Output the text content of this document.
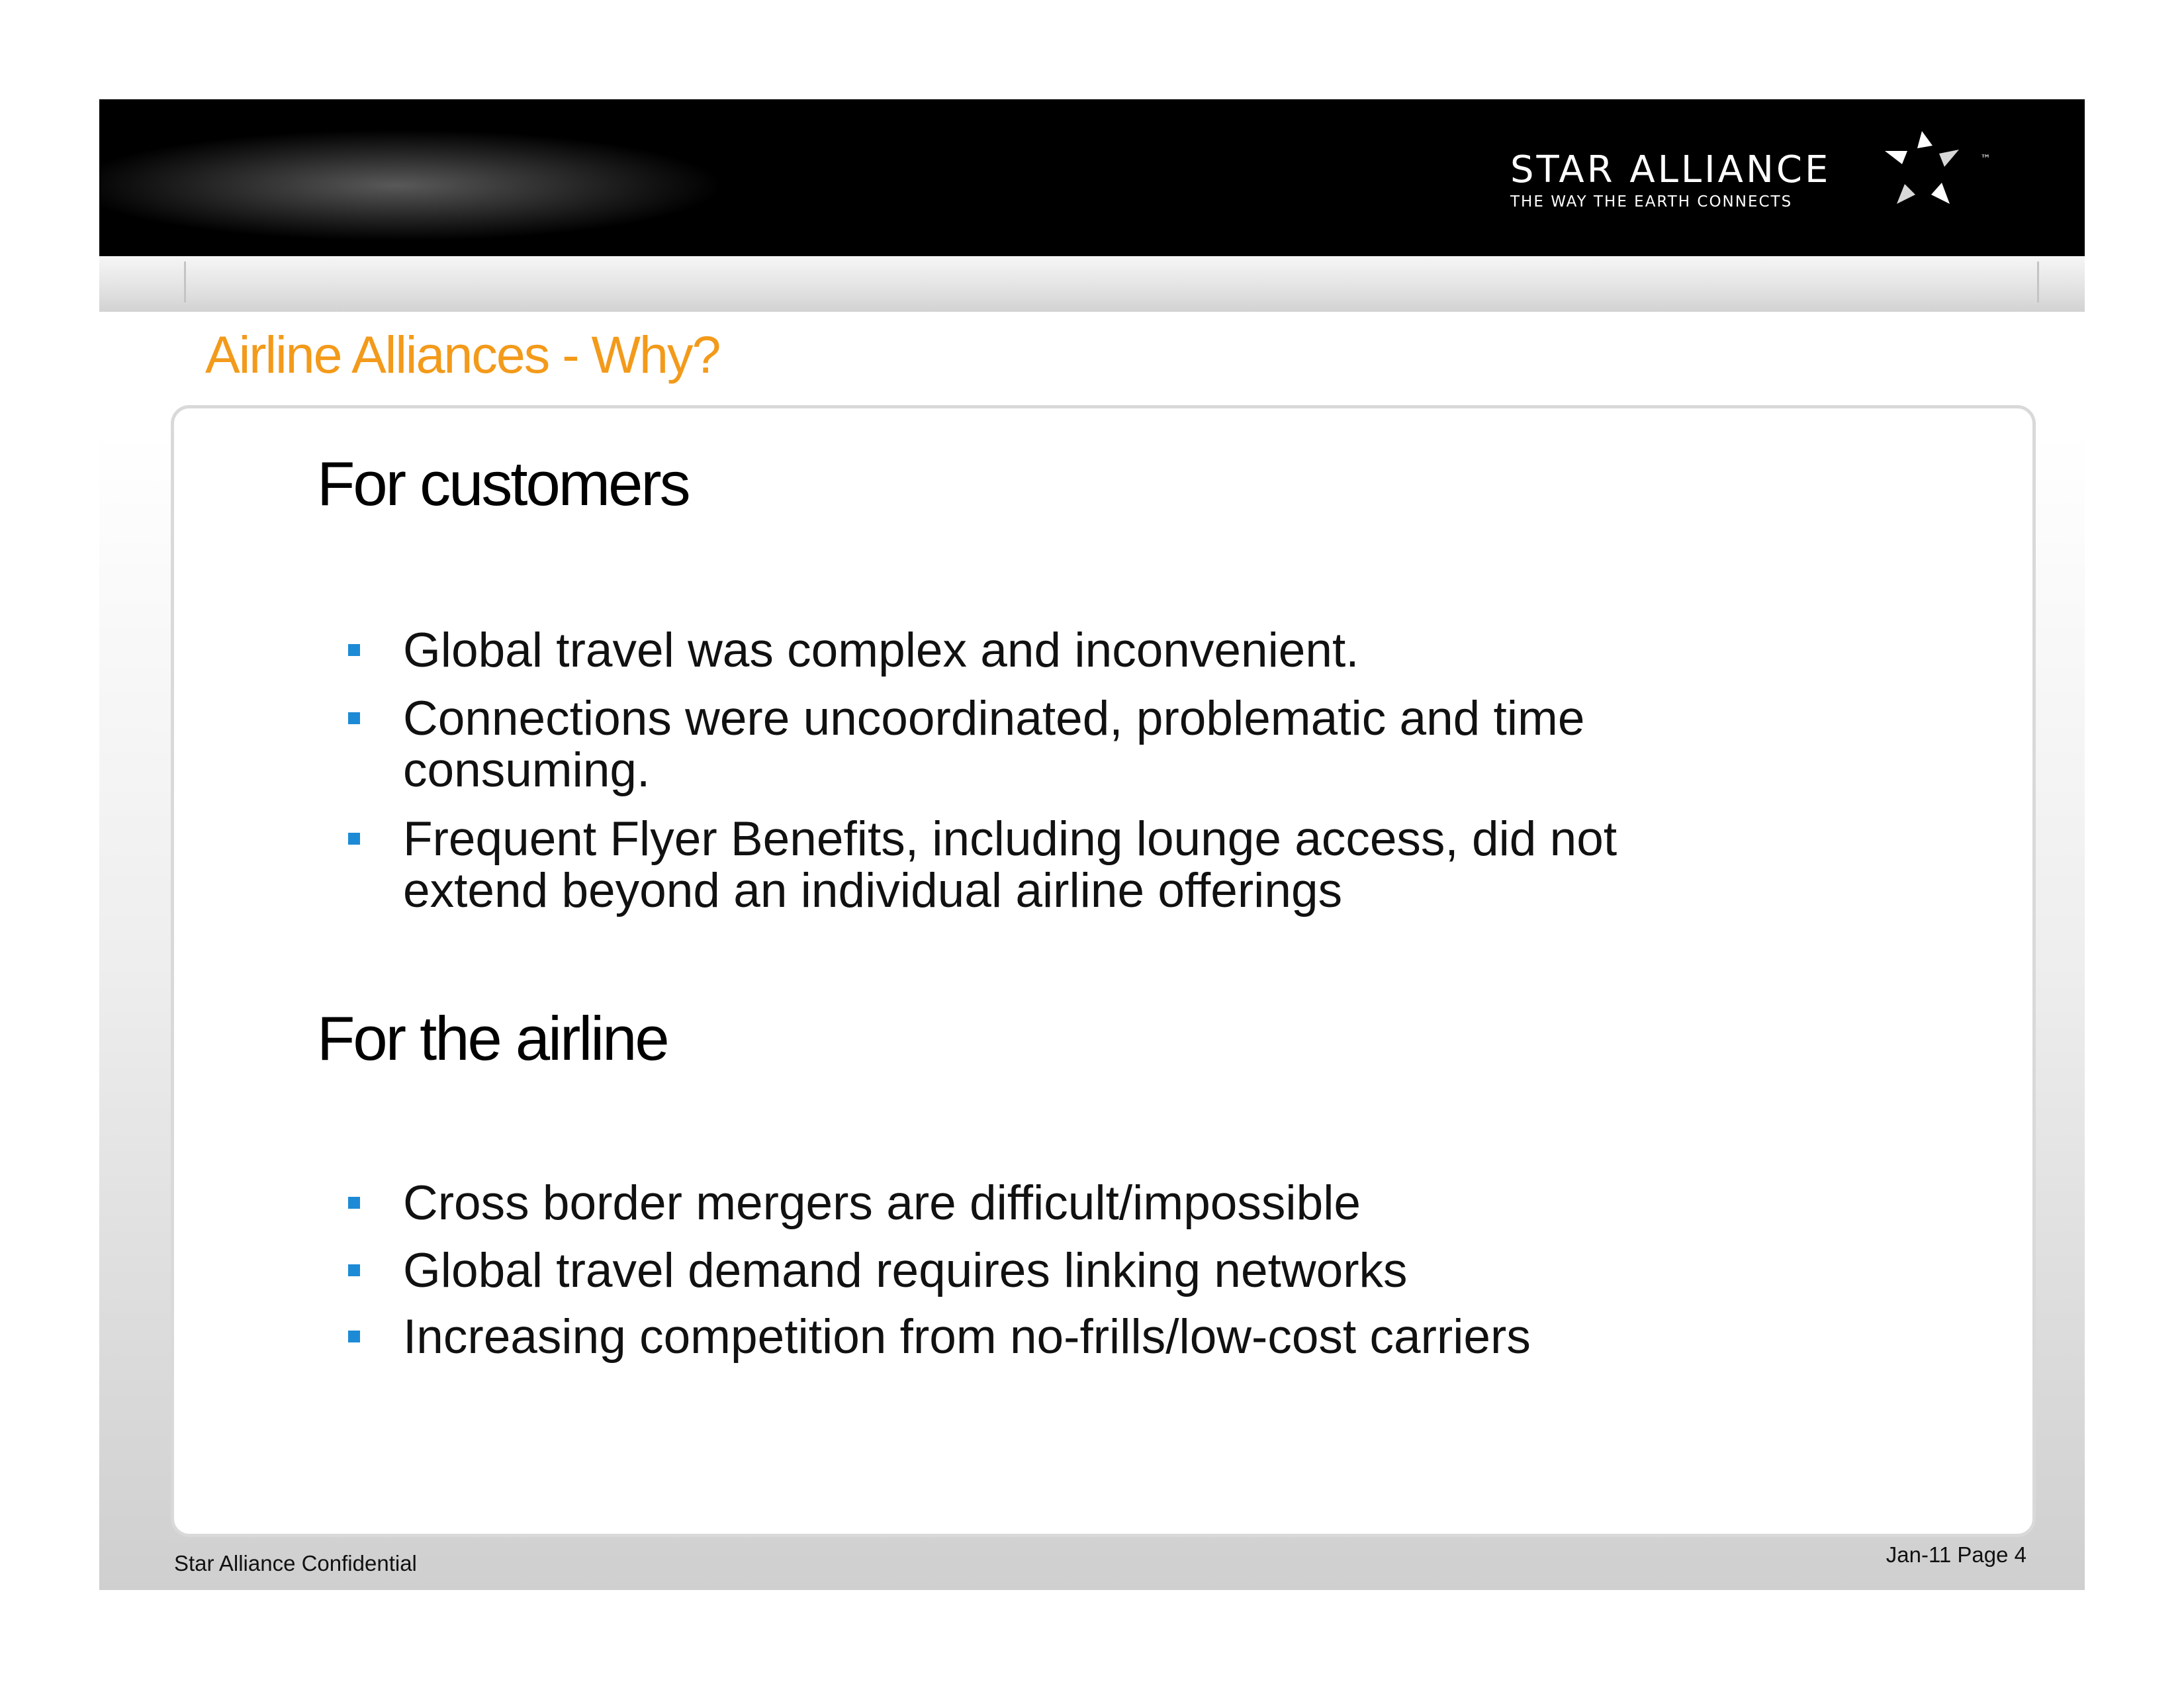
STAR ALLIANCE
THE WAY THE EARTH CONNECTS
™
Airline Alliances - Why?
For customers
Global travel was complex and inconvenient.
Connections were uncoordinated, problematic and time
consuming.
Frequent Flyer Benefits, including lounge access, did not
extend beyond an individual airline offerings
For the airline
Cross border mergers are difficult/impossible
Global travel demand requires linking networks
Increasing competition from no-frills/low-cost carriers
Star Alliance Confidential	Jan-11 Page 4
